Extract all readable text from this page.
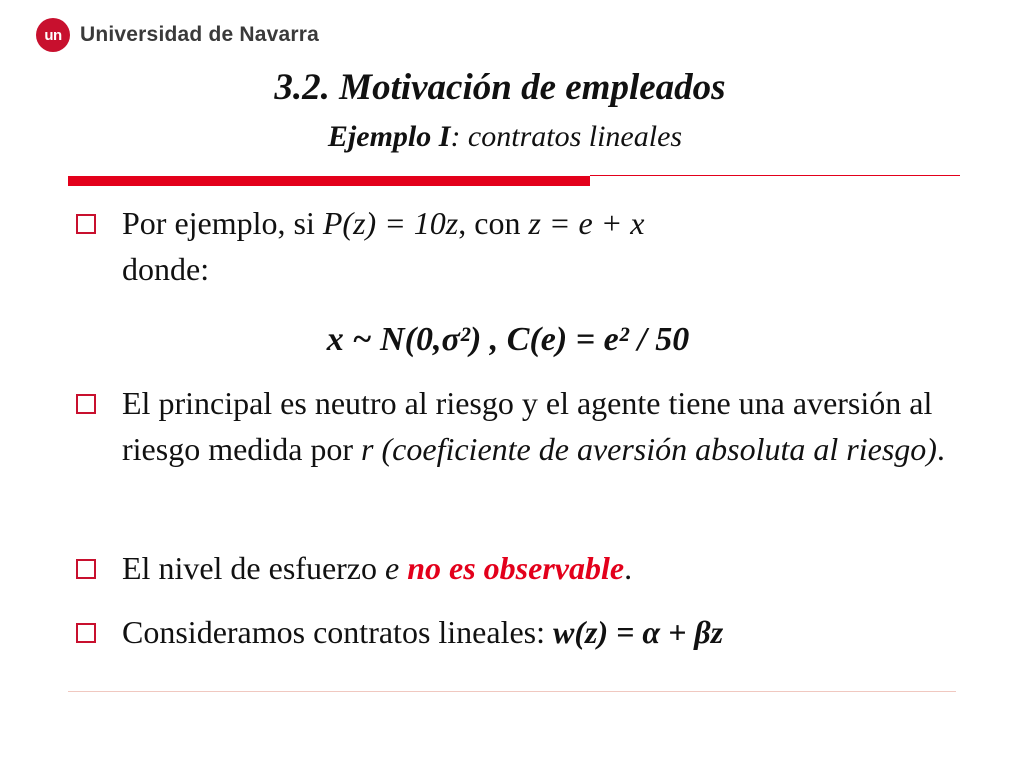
un Universidad de Navarra
3.2. Motivación de empleados
Ejemplo I: contratos lineales
Por ejemplo, si P(z) = 10z, con z = e + x
donde:
El principal es neutro al riesgo y el agente tiene una aversión al riesgo medida por r (coeficiente de aversión absoluta al riesgo).
El nivel de esfuerzo e no es observable.
Consideramos contratos lineales: w(z) = α + βz
x ~ N(0,σ²) , C(e) = e² / 50
